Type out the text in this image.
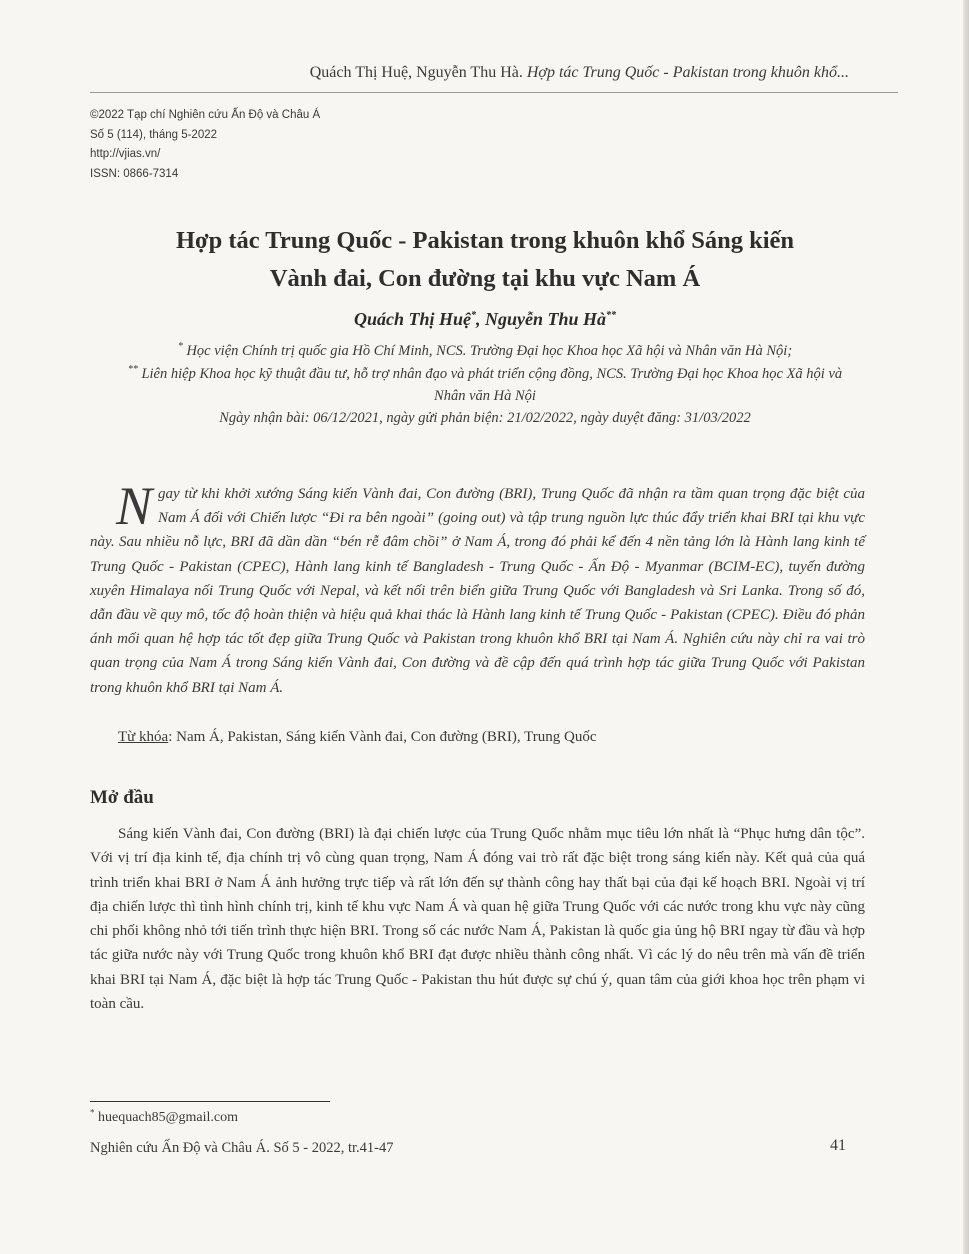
Quách Thị Huệ, Nguyễn Thu Hà. Hợp tác Trung Quốc - Pakistan trong khuôn khổ...
©2022 Tạp chí Nghiên cứu Ấn Độ và Châu Á
Số 5 (114), tháng 5-2022
http://vjias.vn/
ISSN: 0866-7314
Hợp tác Trung Quốc - Pakistan trong khuôn khổ Sáng kiến
Vành đai, Con đường tại khu vực Nam Á
Quách Thị Huệ*, Nguyễn Thu Hà**
* Học viện Chính trị quốc gia Hồ Chí Minh, NCS. Trường Đại học Khoa học Xã hội và Nhân văn Hà Nội;
** Liên hiệp Khoa học kỹ thuật đầu tư, hỗ trợ nhân đạo và phát triển cộng đồng, NCS. Trường Đại học Khoa học Xã hội và Nhân văn Hà Nội
Ngày nhận bài: 06/12/2021, ngày gửi phản biện: 21/02/2022, ngày duyệt đăng: 31/03/2022

Ngay từ khi khởi xướng Sáng kiến Vành đai, Con đường (BRI), Trung Quốc đã nhận ra tầm quan trọng đặc biệt của Nam Á đối với Chiến lược “Đi ra bên ngoài” (going out) và tập trung nguồn lực thúc đẩy triển khai BRI tại khu vực này. Sau nhiều nỗ lực, BRI đã dần dần “bén rễ đâm chồi” ở Nam Á, trong đó phải kể đến 4 nền tảng lớn là Hành lang kinh tế Trung Quốc - Pakistan (CPEC), Hành lang kinh tế Bangladesh - Trung Quốc - Ấn Độ - Myanmar (BCIM-EC), tuyến đường xuyên Himalaya nối Trung Quốc với Nepal, và kết nối trên biển giữa Trung Quốc với Bangladesh và Sri Lanka. Trong số đó, dẫn đầu về quy mô, tốc độ hoàn thiện và hiệu quả khai thác là Hành lang kinh tế Trung Quốc - Pakistan (CPEC). Điều đó phản ánh mối quan hệ hợp tác tốt đẹp giữa Trung Quốc và Pakistan trong khuôn khổ BRI tại Nam Á. Nghiên cứu này chỉ ra vai trò quan trọng của Nam Á trong Sáng kiến Vành đai, Con đường và đề cập đến quá trình hợp tác giữa Trung Quốc với Pakistan trong khuôn khổ BRI tại Nam Á.

Từ khóa: Nam Á, Pakistan, Sáng kiến Vành đai, Con đường (BRI), Trung Quốc
Mở đầu

Sáng kiến Vành đai, Con đường (BRI) là đại chiến lược của Trung Quốc nhằm mục tiêu lớn nhất là “Phục hưng dân tộc”. Với vị trí địa kinh tế, địa chính trị vô cùng quan trọng, Nam Á đóng vai trò rất đặc biệt trong sáng kiến này. Kết quả của quá trình triển khai BRI ở Nam Á ảnh hưởng trực tiếp và rất lớn đến sự thành công hay thất bại của đại kế hoạch BRI. Ngoài vị trí địa chiến lược thì tình hình chính trị, kinh tế khu vực Nam Á và quan hệ giữa Trung Quốc với các nước trong khu vực này cũng chi phối không nhỏ tới tiến trình thực hiện BRI. Trong số các nước Nam Á, Pakistan là quốc gia ủng hộ BRI ngay từ đầu và hợp tác giữa nước này với Trung Quốc trong khuôn khổ BRI đạt được nhiều thành công nhất. Vì các lý do nêu trên mà vấn đề triển khai BRI tại Nam Á, đặc biệt là hợp tác Trung Quốc - Pakistan thu hút được sự chú ý, quan tâm của giới khoa học trên phạm vi toàn cầu.

* huequach85@gmail.com
Nghiên cứu Ấn Độ và Châu Á. Số 5 - 2022, tr.41-47	41
